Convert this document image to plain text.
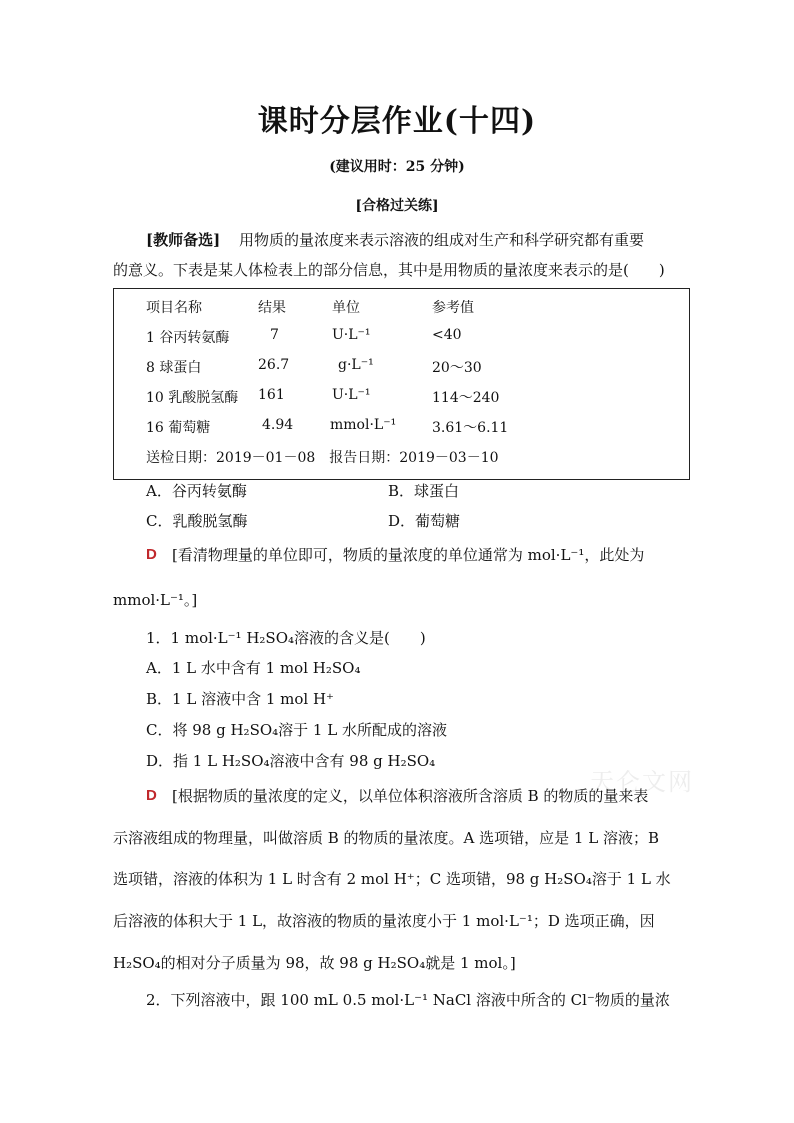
课时分层作业(十四)
(建议用时：25 分钟)
[合格过关练]
[教师备选] 用物质的量浓度来表示溶液的组成对生产和科学研究都有重要
的意义。下表是某人体检表上的部分信息，其中是用物质的量浓度来表示的是(　　)
项目名称	结果	单位	参考值
1 谷丙转氨酶	7	U·L⁻¹	<40
8 球蛋白	26.7	g·L⁻¹	20～30
10 乳酸脱氢酶 161	U·L⁻¹	114～240
16 葡萄糖	4.94	mmol·L⁻¹	3.61～6.11
送检日期：2019－01－08　报告日期：2019－03－10
A．谷丙转氨酶	B．球蛋白
C．乳酸脱氢酶	D．葡萄糖
D [看清物理量的单位即可，物质的量浓度的单位通常为 mol·L⁻¹，此处为
mmol·L⁻¹。]
1．1 mol·L⁻¹ H₂SO₄溶液的含义是(　　)
A．1 L 水中含有 1 mol H₂SO₄
B．1 L 溶液中含 1 mol H⁺
C．将 98 g H₂SO₄溶于 1 L 水所配成的溶液
D．指 1 L H₂SO₄溶液中含有 98 g H₂SO₄
天仑文网
D [根据物质的量浓度的定义，以单位体积溶液所含溶质 B 的物质的量来表
示溶液组成的物理量，叫做溶质 B 的物质的量浓度。A 选项错，应是 1 L 溶液；B
选项错，溶液的体积为 1 L 时含有 2 mol H⁺；C 选项错，98 g H₂SO₄溶于 1 L 水
后溶液的体积大于 1 L，故溶液的物质的量浓度小于 1 mol·L⁻¹；D 选项正确，因
H₂SO₄的相对分子质量为 98，故 98 g H₂SO₄就是 1 mol。]
2．下列溶液中，跟 100 mL 0.5 mol·L⁻¹ NaCl 溶液中所含的 Cl⁻物质的量浓
